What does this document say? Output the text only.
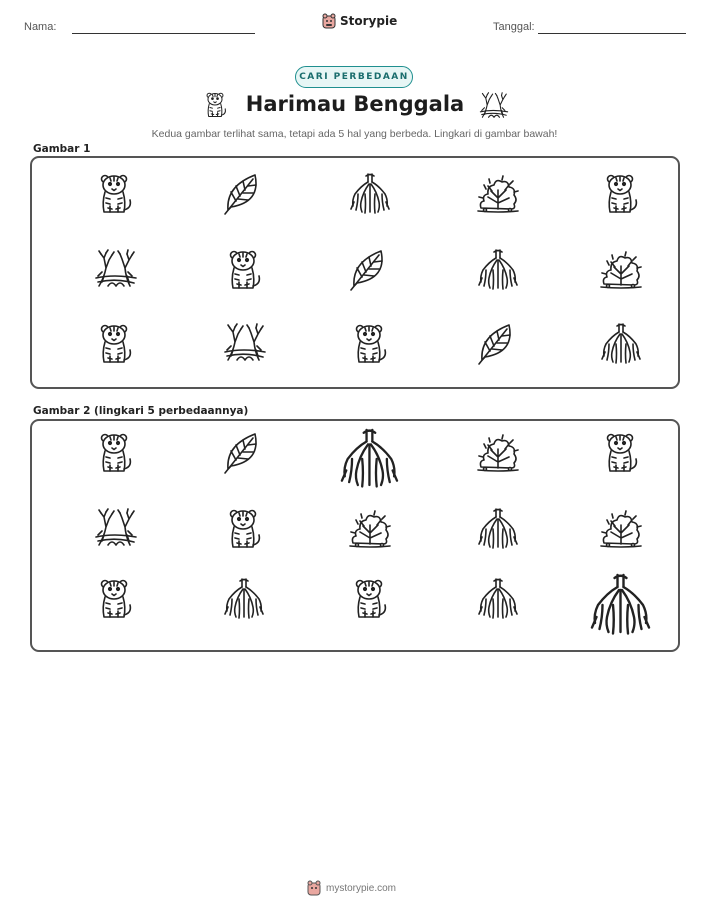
Nama:	Storypie	Tanggal:
CARI PERBEDAAN
Harimau Benggala
Kedua gambar terlihat sama, tetapi ada 5 hal yang berbeda. Lingkari di gambar bawah!
Gambar 1
Gambar 2 (lingkari 5 perbedaannya)
mystorypie.com
